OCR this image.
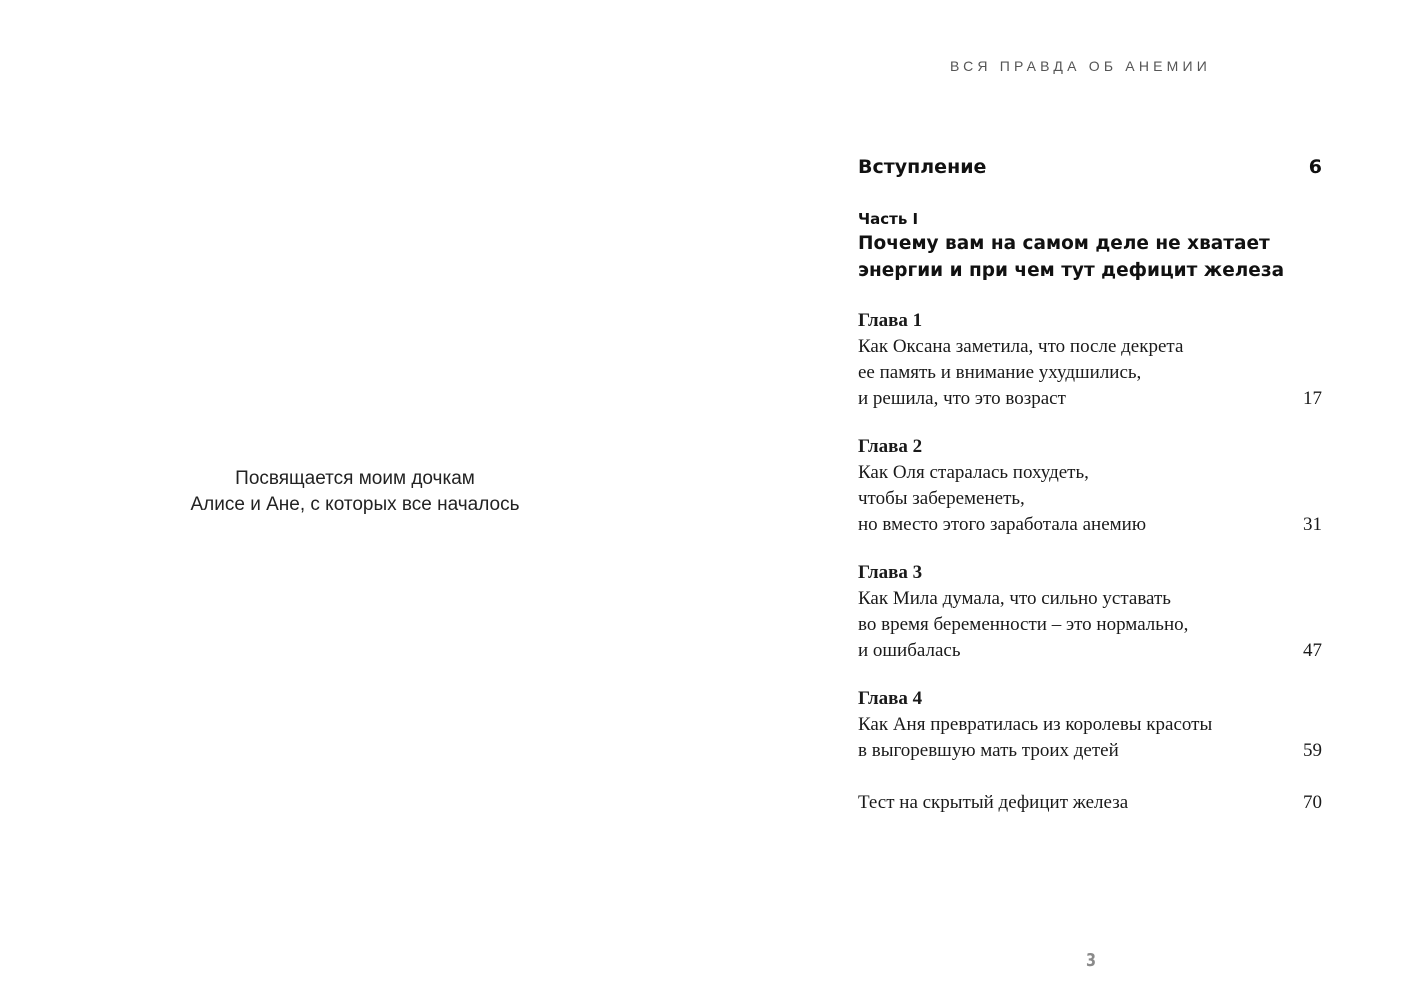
Посвящается моим дочкам
Алисе и Ане, с которых все началось
ВСЯ ПРАВДА ОБ АНЕМИИ
Вступление	6
Часть I
Почему вам на самом деле не хватает
энергии и при чем тут дефицит железа
Глава 1
Как Оксана заметила, что после декрета
ее память и внимание ухудшились,
и решила, что это возраст	17
Глава 2
Как Оля старалась похудеть,
чтобы забеременеть,
но вместо этого заработала анемию	31
Глава 3
Как Мила думала, что сильно уставать
во время беременности – это нормально,
и ошибалась	47
Глава 4
Как Аня превратилась из королевы красоты
в выгоревшую мать троих детей	59
Тест на скрытый дефицит железа	70
3
